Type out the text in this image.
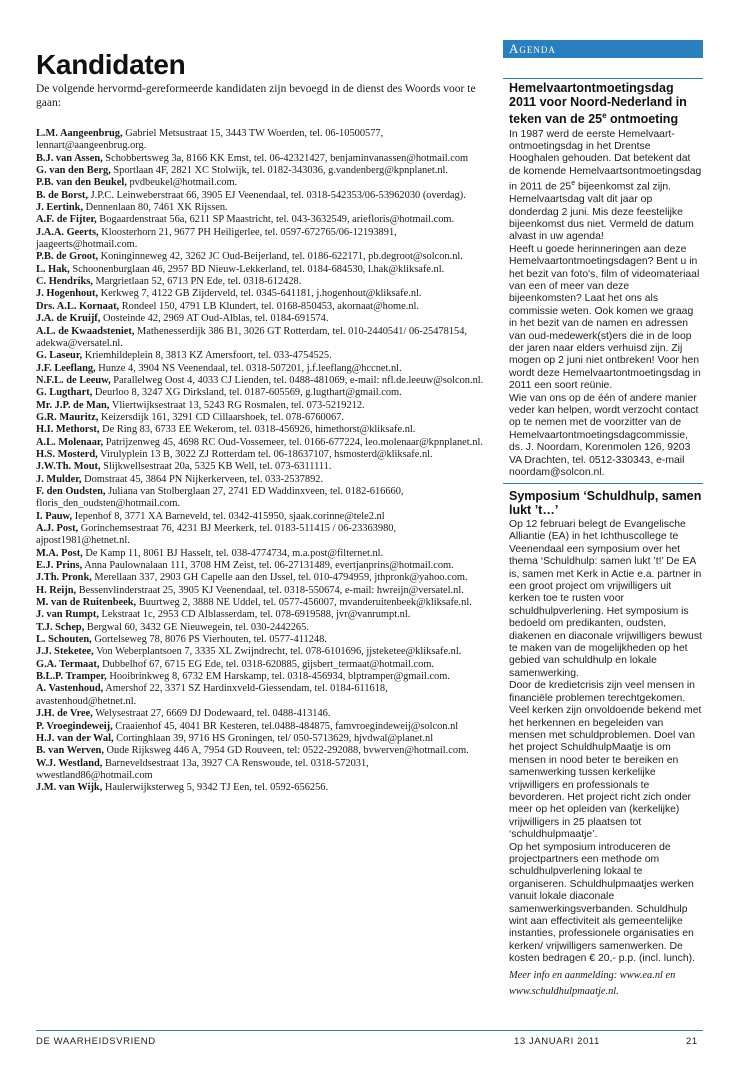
Kandidaten

De volgende hervormd-gereformeerde kandidaten zijn bevoegd in de dienst des Woords voor te gaan:

L.M. Aangeenbrug, Gabriel Metsustraat 15, 3443 TW Woerden, tel. 06-10500577, lennart@aangeenbrug.org.

B.J. van Assen, Schobbertsweg 3a, 8166 KK Emst, tel. 06-42321427, benjaminvanassen@hotmail.com

G. van den Berg, Sportlaan 4F, 2821 XC Stolwijk, tel. 0182-343036, g.vandenberg@kpnplanet.nl.

P.B. van den Beukel, pvdbeukel@hotmail.com.

B. de Borst, J.P.C. Leinweberstraat 66, 3905 EJ Veenendaal, tel. 0318-542353/06-53962030 (overdag).

J. Eertink, Dennenlaan 80, 7461 XK Rijssen.

A.F. de Fijter, Bogaardenstraat 56a, 6211 SP Maastricht, tel. 043-3632549, ariefloris@hotmail.com.

J.A.A. Geerts, Kloosterhorn 21, 9677 PH Heiligerlee, tel. 0597-672765/06-12193891, jaageerts@hotmail.com.

P.B. de Groot, Koninginneweg 42, 3262 JC Oud-Beijerland, tel. 0186-622171, pb.degroot@solcon.nl.

L. Hak, Schoonenburglaan 46, 2957 BD Nieuw-Lekkerland, tel. 0184-684530, l.hak@kliksafe.nl.

C. Hendriks, Margrietlaan 52, 6713 PN Ede, tel. 0318-612428.

J. Hogenhout, Kerkweg 7, 4122 GB Zijderveld, tel. 0345-641181, j.hogenhout@kliksafe.nl.

Drs. A.L. Kornaat, Rondeel 150, 4791 LB Klundert, tel. 0168-850453, akornaat@home.nl.

J.A. de Kruijf, Oosteinde 42, 2969 AT Oud-Alblas, tel. 0184-691574.

A.L. de Kwaadsteniet, Mathenesserdijk 386 B1, 3026 GT Rotterdam, tel. 010-2440541/ 06-25478154, adekwa@versatel.nl.

G. Laseur, Kriemhildeplein 8, 3813 KZ Amersfoort, tel. 033-4754525.

J.F. Leeflang, Hunze 4, 3904 NS Veenendaal, tel. 0318-507201, j.f.leeflang@hccnet.nl.

N.F.L. de Leeuw, Parallelweg Oost 4, 4033 CJ Lienden, tel. 0488-481069, e-mail: nfl.de.leeuw@solcon.nl.

G. Lugthart, Deurloo 8, 3247 XG Dirksland, tel. 0187-605569, g.lugthart@gmail.com.

Mr. J.P. de Man, Vliertwijksestraat 13, 5243 RG Rosmalen, tel. 073-5219212.

G.R. Mauritz, Keizersdijk 161, 3291 CD Cillaarshoek, tel. 078-6760067.

H.I. Methorst, De Ring 83, 6733 EE Wekerom, tel. 0318-456926, himethorst@kliksafe.nl.

A.L. Molenaar, Patrijzenweg 45, 4698 RC Oud-Vossemeer, tel. 0166-677224, leo.molenaar@kpnplanet.nl.

H.S. Mosterd, Virulyplein 13 B, 3022 ZJ Rotterdam tel. 06-18637107, hsmosterd@kliksafe.nl.

J.W.Th. Mout, Slijkwellsestraat 20a, 5325 KB Well, tel. 073-6311111.

J. Mulder, Domstraat 45, 3864 PN Nijkerkerveen, tel. 033-2537892.

F. den Oudsten, Juliana van Stolberglaan 27, 2741 ED Waddinxveen, tel. 0182-616660, floris_den_oudsten@hotmail.com.

I. Pauw, Iepenhof 8, 3771 XA Barneveld, tel. 0342-415950, sjaak.corinne@tele2.nl

A.J. Post, Gorinchemsestraat 76, 4231 BJ Meerkerk, tel. 0183-511415 / 06-23363980, ajpost1981@hetnet.nl.

M.A. Post, De Kamp 11, 8061 BJ Hasselt, tel. 038-4774734, m.a.post@filternet.nl.

E.J. Prins, Anna Paulownalaan 111, 3708 HM Zeist, tel. 06-27131489, evertjanprins@hotmail.com.

J.Th. Pronk, Merellaan 337, 2903 GH Capelle aan den IJssel, tel. 010-4794959, jthpronk@yahoo.com.

H. Reijn, Bessenvlinderstraat 25, 3905 KJ Veenendaal, tel. 0318-550674, e-mail: hwreijn@versatel.nl.

M. van de Ruitenbeek, Buurtweg 2, 3888 NE Uddel, tel. 0577-456007, mvanderuitenbeek@kliksafe.nl.

J. van Rumpt, Lekstraat 1c, 2953 CD Alblasserdam, tel. 078-6919588, jvr@vanrumpt.nl.

T.J. Schep, Bergwal 60, 3432 GE Nieuwegein, tel. 030-2442265.

L. Schouten, Gortelseweg 78, 8076 PS Vierhouten, tel. 0577-411248.

J.J. Steketee, Von Weberplantsoen 7, 3335 XL Zwijndrecht, tel. 078-6101696, jjsteketee@kliksafe.nl.

G.A. Termaat, Dubbelhof 67, 6715 EG Ede, tel. 0318-620885, gijsbert_termaat@hotmail.com.

B.L.P. Tramper, Hooibrinkweg 8, 6732 EM Harskamp, tel. 0318-456934, blptramper@gmail.com.

A. Vastenhoud, Amershof 22, 3371 SZ Hardinxveld-Giessendam, tel. 0184-611618, avastenhoud@hetnet.nl.

J.H. de Vree, Welysestraat 27, 6669 DJ Dodewaard, tel. 0488-413146.

P. Vroegindeweij, Craaienhof 45, 4041 BR Kesteren, tel.0488-484875, famvroegindeweij@solcon.nl

H.J. van der Wal, Cortinghlaan 39, 9716 HS Groningen, tel/ 050-5713629, hjvdwal@planet.nl

B. van Werven, Oude Rijksweg 446 A, 7954 GD Rouveen, tel: 0522-292088, bvwerven@hotmail.com.

W.J. Westland, Barneveldsestraat 13a, 3927 CA Renswoude, tel. 0318-572031, wwestland86@hotmail.com

J.M. van Wijk, Haulerwijksterweg 5, 9342 TJ Een, tel. 0592-656256.

Agenda
Hemelvaartontmoetingsdag 2011 voor Noord-Nederland in teken van de 25e ontmoeting

In 1987 werd de eerste Hemelvaart-ontmoetingsdag in het Drentse Hooghalen gehouden. Dat betekent dat de komende Hemelvaartsontmoetingsdag in 2011 de 25e bijeenkomst zal zijn.

Hemelvaartsdag valt dit jaar op donderdag 2 juni. Mis deze feestelijke bijeenkomst dus niet. Vermeld de datum alvast in uw agenda!

Heeft u goede herinneringen aan deze Hemelvaartontmoetingsdagen? Bent u in het bezit van foto's, film of videomateriaal van een of meer van deze bijeenkomsten? Laat het ons als commissie weten. Ook komen we graag in het bezit van de namen en adressen van oud-medewerk(st)ers die in de loop der jaren naar elders verhuisd zijn. Zij mogen op 2 juni niet ontbreken! Voor hen wordt deze Hemelvaartontmoetingsdag in 2011 een soort reünie.

Wie van ons op de één of andere manier veder kan helpen, wordt verzocht contact op te nemen met de voorzitter van de Hemelvaartontmoetingsdagcommissie, ds. J. Noordam, Korenmolen 126, 9203 VA Drachten, tel. 0512-330343, e-mail noordam@solcon.nl.

Symposium ‘Schuldhulp, samen lukt ’t…’

Op 12 februari belegt de Evangelische Alliantie (EA) in het Ichthuscollege te Veenendaal een symposium over het thema ‘Schuldhulp: samen lukt ’t!’ De EA is, samen met Kerk in Actie e.a. partner in een groot project om vrijwilligers uit kerken toe te rusten voor schuldhulpverlening. Het symposium is bedoeld om predikanten, oudsten, diakenen en diaconale vrijwilligers bewust te maken van de mogelijkheden op het gebied van schuldhulp en lokale samenwerking.

Door de kredietcrisis zijn veel mensen in financiële problemen terechtgekomen. Veel kerken zijn onvoldoende bekend met het herkennen en begeleiden van mensen met schuldproblemen. Doel van het project SchuldhulpMaatje is om mensen in nood beter te bereiken en samenwerking tussen kerkelijke vrijwilligers en professionals te bevorderen. Het project richt zich onder meer op het opleiden van (kerkelijke) vrijwilligers in 25 plaatsen tot ‘schuldhulpmaatje’.

Op het symposium introduceren de projectpartners een methode om schuldhulpverlening lokaal te organiseren. Schuldhulpmaatjes werken vanuit lokale diaconale samenwerkingsverbanden. Schuldhulp wint aan effectiviteit als gemeentelijke instanties, professionele organisaties en kerken/ vrijwilligers samenwerken. De kosten bedragen € 20,- p.p. (incl. lunch).

Meer info en aanmelding: www.ea.nl en www.schuldhulpmaatje.nl.
DE WAARHEIDSVRIEND	13 JANUARI 2011	21
